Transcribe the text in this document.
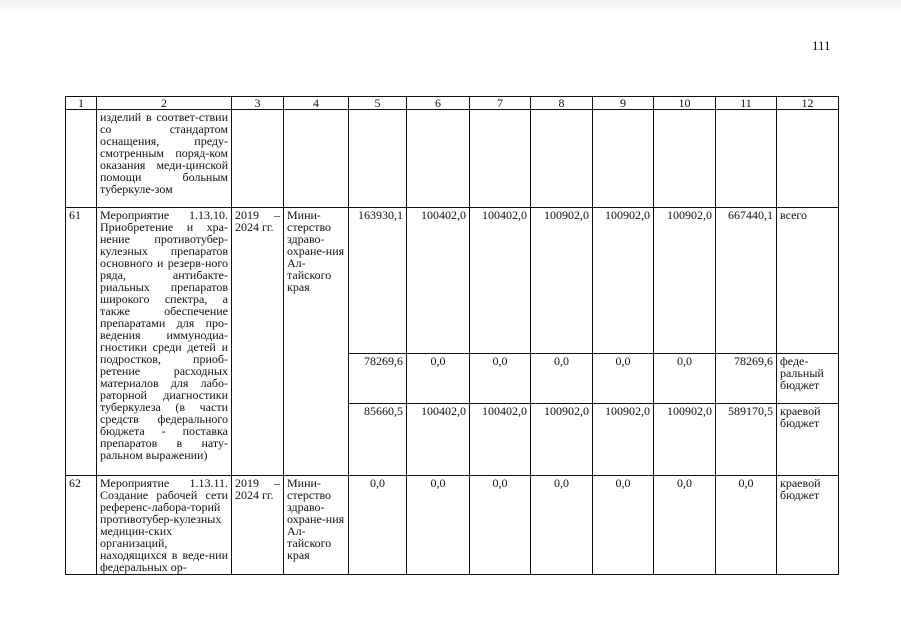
111
1	2	3	4	5	6	7	8	9	10	11	12
	изделий в соответ-ствии со стандартом оснащения, преду-смотренным поряд-ком оказания меди-цинской помощи больным туберкуле-зом										
61	Мероприятие 1.13.10. Приобретение и хра-нение противотубер-кулезных препаратов основного и резерв-ного ряда, антибакте-риальных препаратов широкого спектра, а также обеспечение препаратами для про-ведения иммунодиа-гностики среди детей и подростков, приоб-ретение расходных материалов для лабо-раторной диагностики туберкулеза (в части средств федерального бюджета - поставка препаратов в нату-ральном выражении)	2019 – 2024 гг.	Мини-стерство здраво-охране-ния Ал-тайского края	163930,1	100402,0	100402,0	100902,0	100902,0	100902,0	667440,1	всего
				78269,6	0,0	0,0	0,0	0,0	0,0	78269,6	феде-ральный бюджет
				85660,5	100402,0	100402,0	100902,0	100902,0	100902,0	589170,5	краевой бюджет
62	Мероприятие 1.13.11. Создание рабочей сети референс-лабора-торий противотубер-кулезных медицин-ских организаций, находящихся в веде-нии федеральных ор-	2019 – 2024 гг.	Мини-стерство здраво-охране-ния Ал-тайского края	0,0	0,0	0,0	0,0	0,0	0,0	0,0	краевой бюджет
